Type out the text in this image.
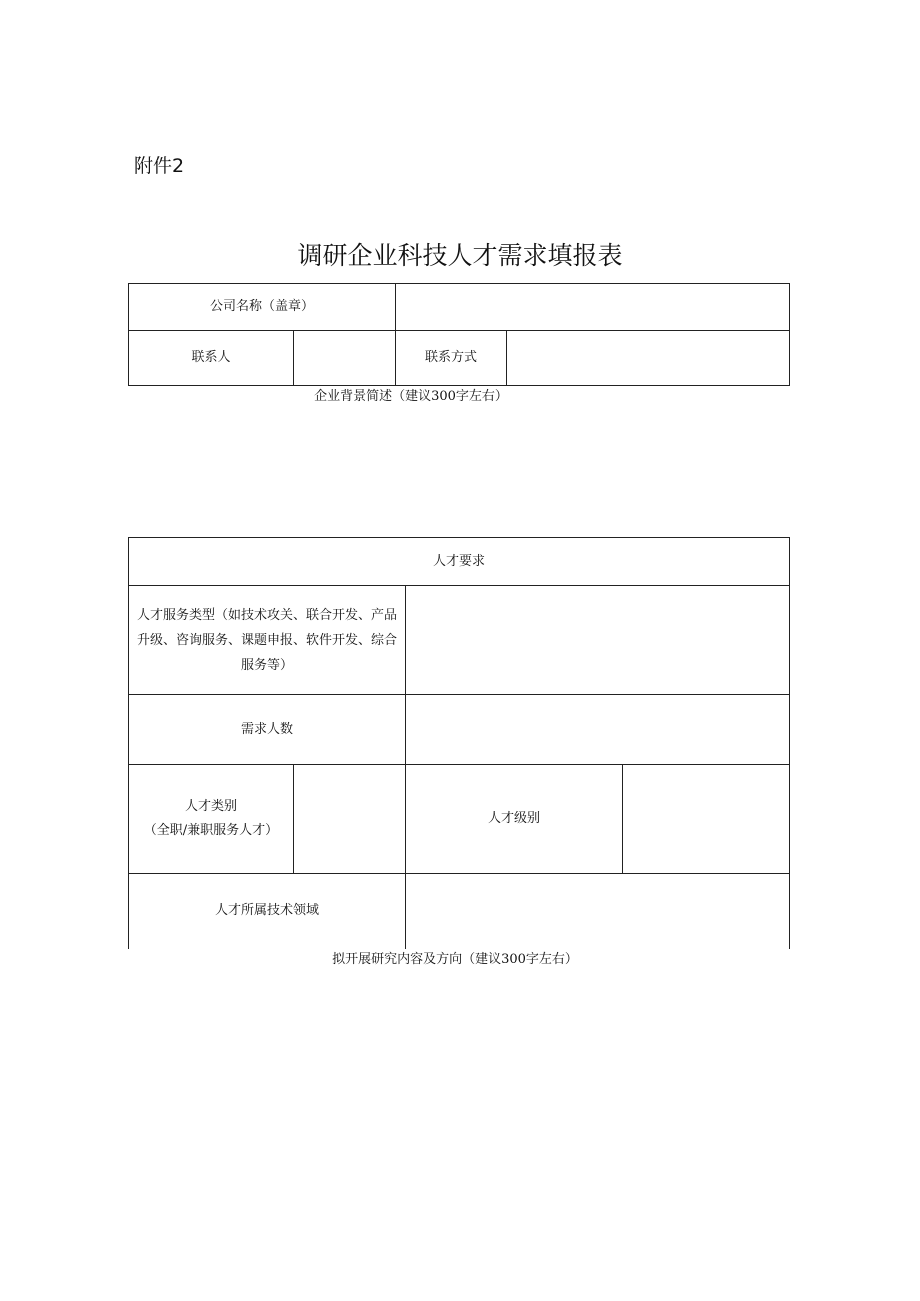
附件2
调研企业科技人才需求填报表
公司名称（盖章）			
联系人		联系方式	
企业背景简述（建议300字左右）
人才要求			
人才服务类型（如技术攻关、联合开发、产品升级、咨询服务、课题申报、软件开发、综合服务等）			
需求人数			

人才类别
（全职/兼职服务人才）		人才级别	
人才所属技术领域			
拟开展研究内容及方向（建议300字左右）
